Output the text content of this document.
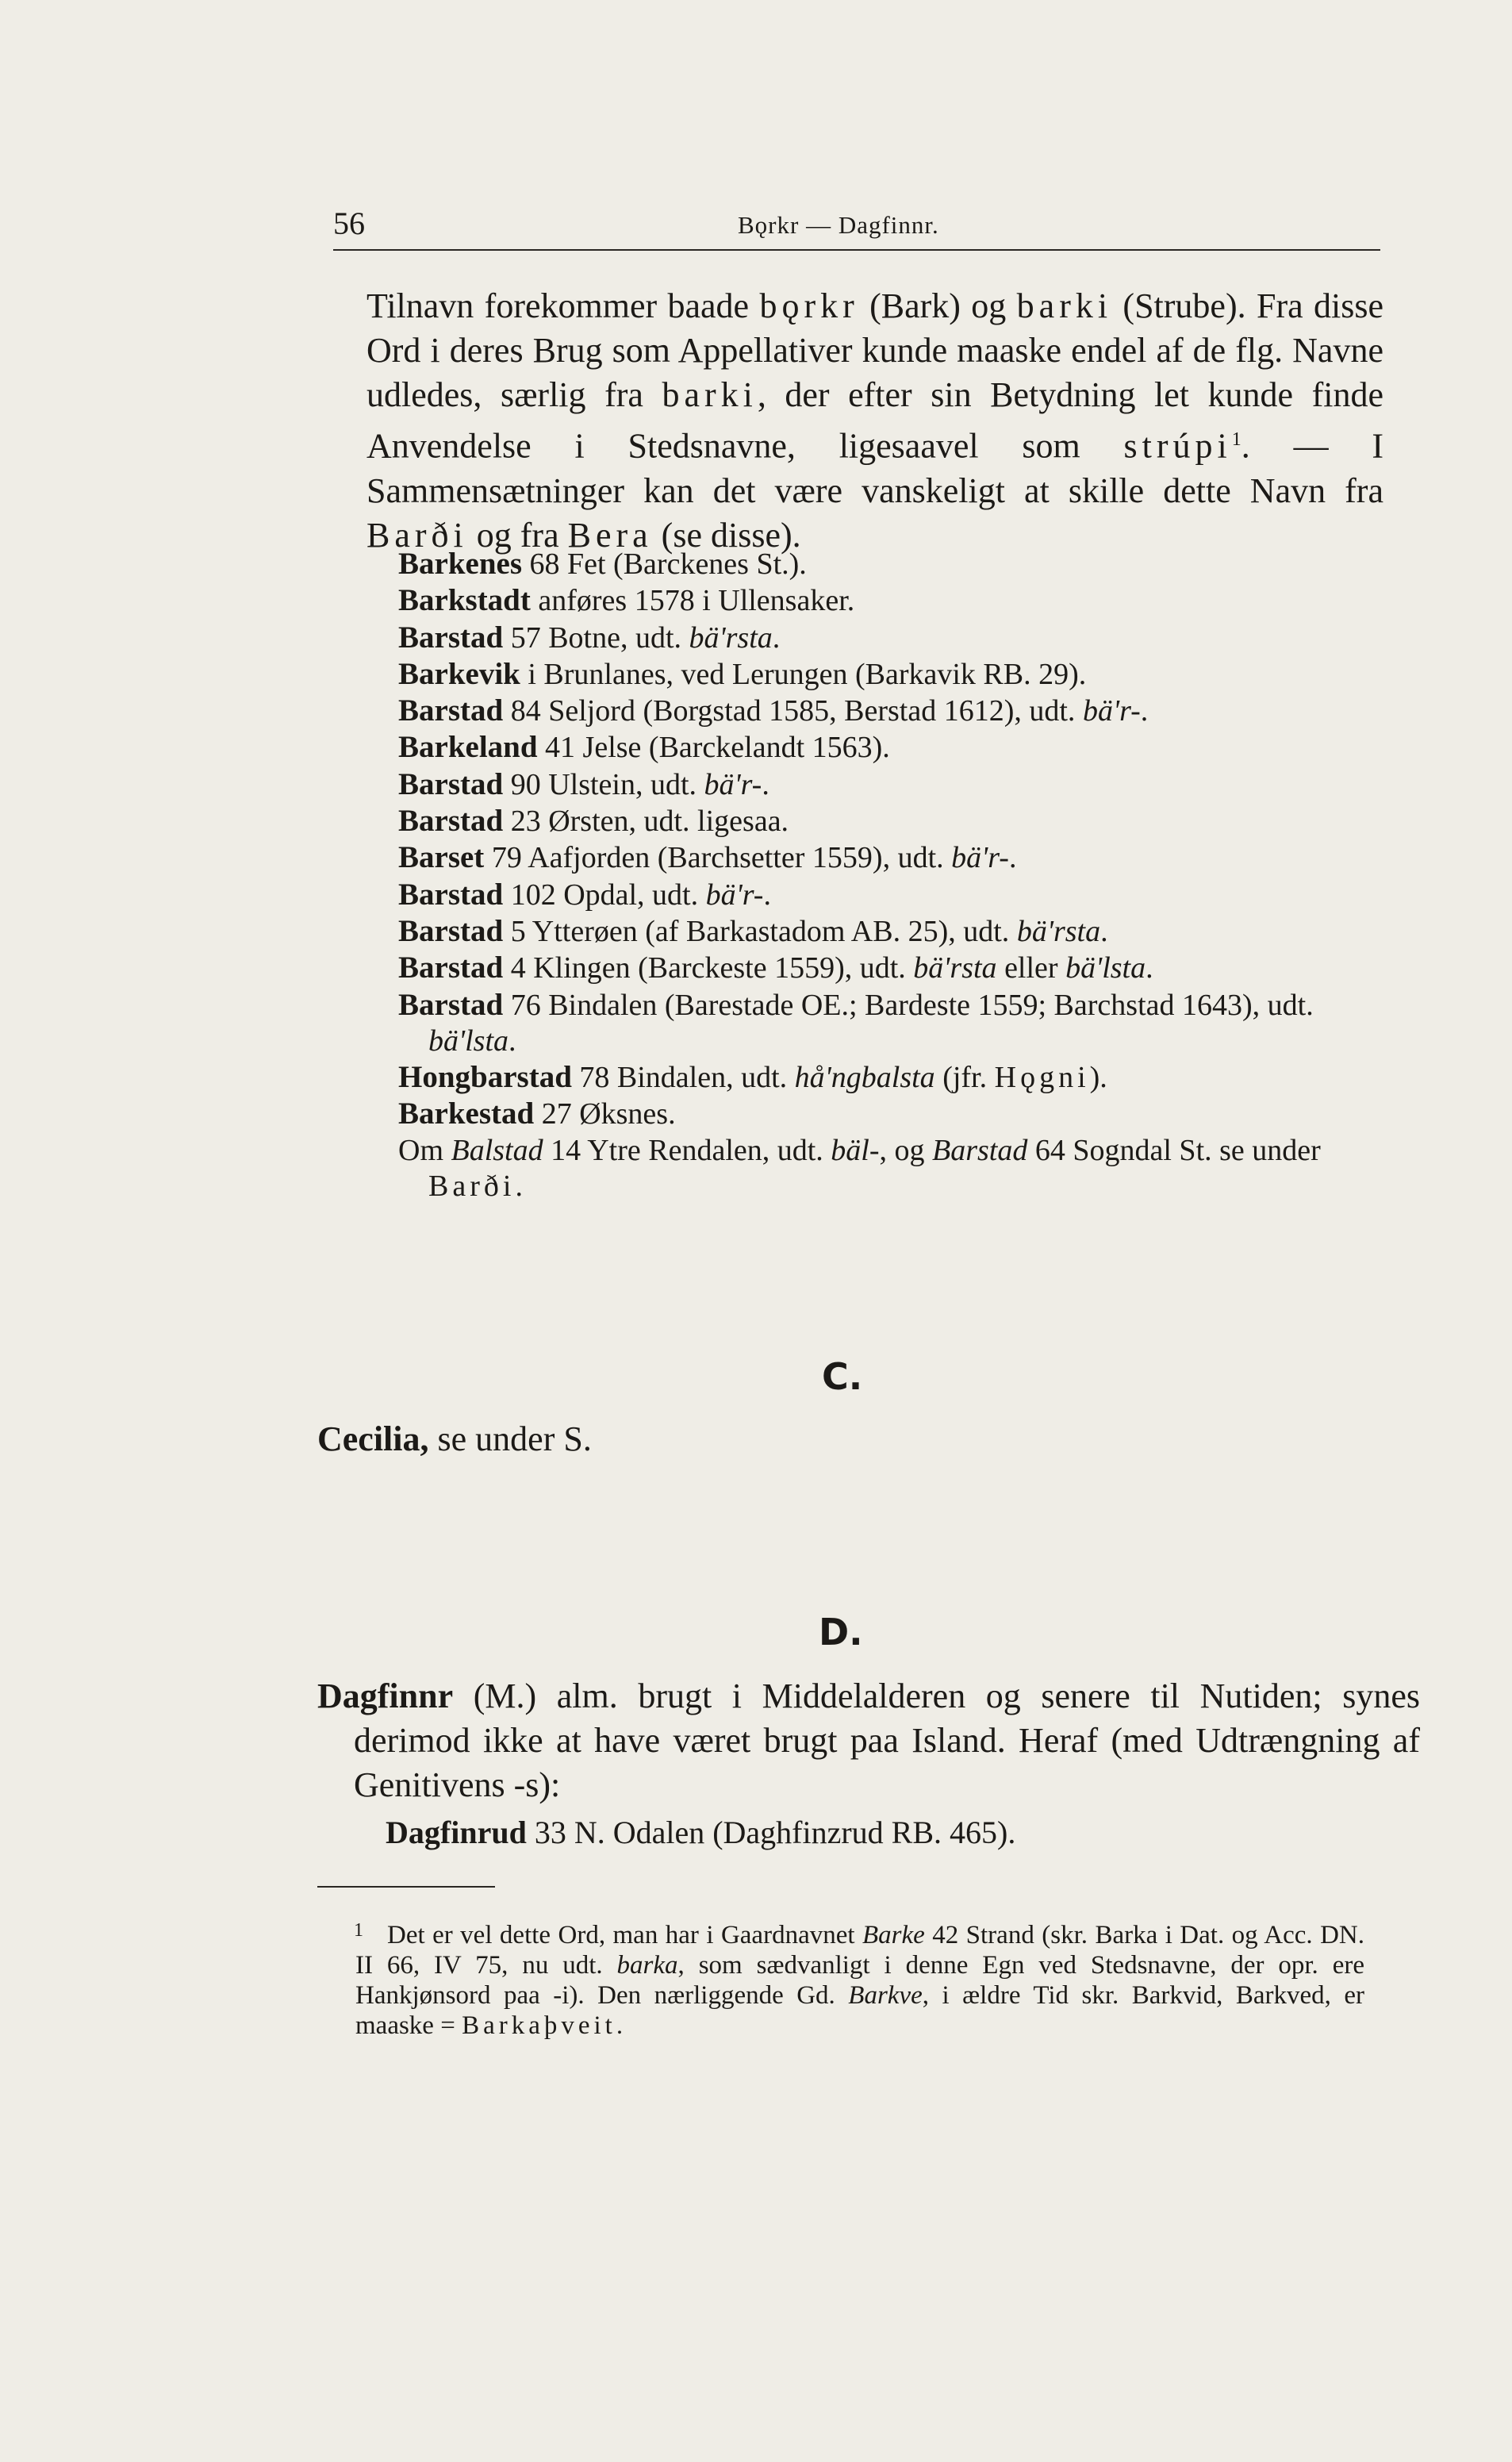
56	Bǫrkr — Dagfinnr.

Tilnavn forekommer baade bǫrkr (Bark) og barki (Strube). Fra disse Ord i deres Brug som Appellativer kunde maaske endel af de flg. Navne udledes, særlig fra barki, der efter sin Betydning let kunde finde Anvendelse i Stedsnavne, ligesaavel som strúpi$^1$. — I Sammensætninger kan det være vanskeligt at skille dette Navn fra Barði og fra Bera (se disse).

Barkenes 68 Fet (Barckenes St.).

Barkstadt anføres 1578 i Ullensaker.

Barstad 57 Botne, udt. bä'rsta.

Barkevik i Brunlanes, ved Lerungen (Barkavik RB. 29).

Barstad 84 Seljord (Borgstad 1585, Berstad 1612), udt. bä'r-.

Barkeland 41 Jelse (Barckelandt 1563).

Barstad 90 Ulstein, udt. bä'r-.

Barstad 23 Ørsten, udt. ligesaa.

Barset 79 Aafjorden (Barchsetter 1559), udt. bä'r-.

Barstad 102 Opdal, udt. bä'r-.

Barstad 5 Ytterøen (af Barkastadom AB. 25), udt. bä'rsta.

Barstad 4 Klingen (Barckeste 1559), udt. bä'rsta eller bä'lsta.

Barstad 76 Bindalen (Barestade OE.; Bardeste 1559; Barchstad 1643), udt. bä'lsta.

Hongbarstad 78 Bindalen, udt. hå'ngbalsta (jfr. Hǫgni).

Barkestad 27 Øksnes.

Om Balstad 14 Ytre Rendalen, udt. bäl-, og Barstad 64 Sogndal St. se under Barði.

C.

Cecilia, se under S.

D.

Dagfinnr (M.) alm. brugt i Middelalderen og senere til Nutiden; synes derimod ikke at have været brugt paa Island. Heraf (med Udtrængning af Genitivens -s):

Dagfinrud 33 N. Odalen (Daghfinzrud RB. 465).

1 Det er vel dette Ord, man har i Gaardnavnet Barke 42 Strand (skr. Barka i Dat. og Acc. DN. II 66, IV 75, nu udt. barka, som sædvanligt i denne Egn ved Stedsnavne, der opr. ere Hankjønsord paa -i). Den nærliggende Gd. Barkve, i ældre Tid skr. Barkvid, Barkved, er maaske = Barkaþveit.
